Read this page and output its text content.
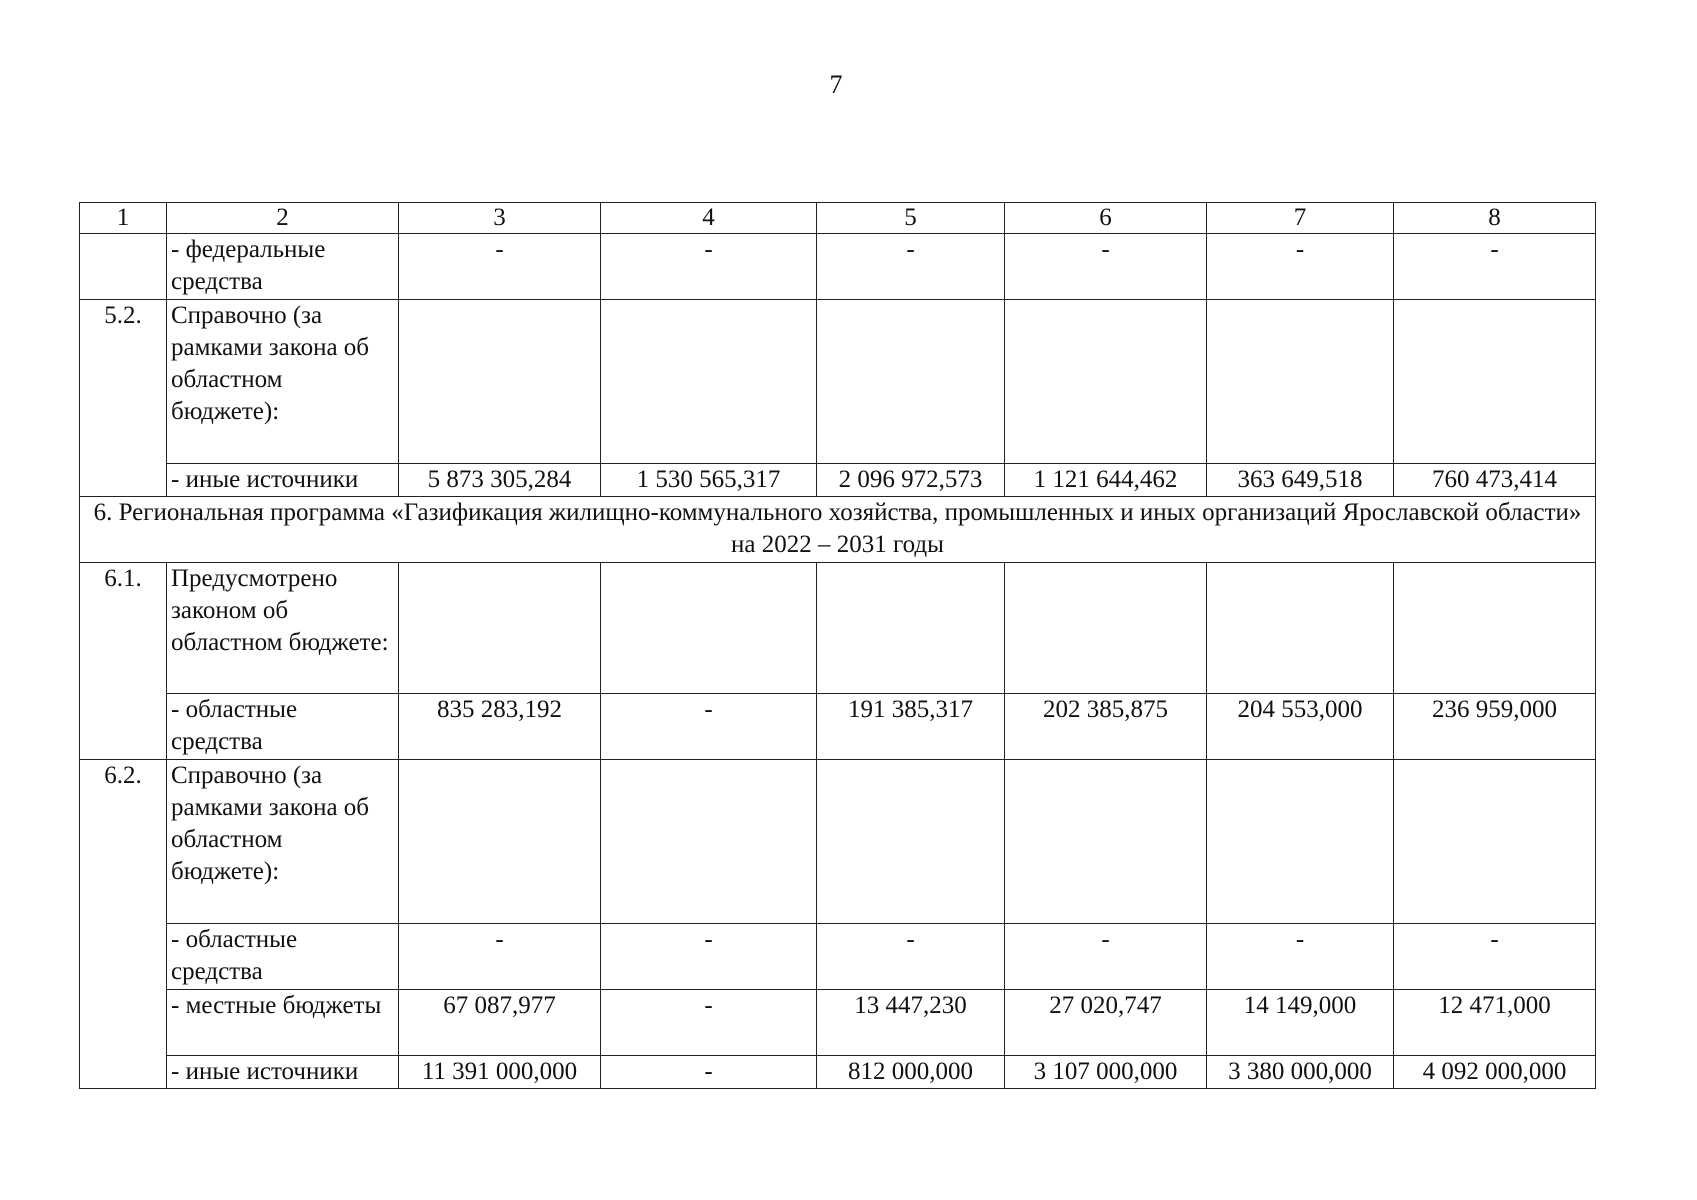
7
1	2	3	4	5	6	7	8
	- федеральные средства	-	-	-	-	-	-
5.2.	Справочно (за рамками закона об областном бюджете):						
	- иные источники	5 873 305,284	1 530 565,317	2 096 972,573	1 121 644,462	363 649,518	760 473,414
6. Региональная программа «Газификация жилищно-коммунального хозяйства, промышленных и иных организаций Ярославской области» на 2022 – 2031 годы							
6.1.	Предусмотрено законом об областном бюджете:						
	- областные средства	835 283,192	-	191 385,317	202 385,875	204 553,000	236 959,000
6.2.	Справочно (за рамками закона об областном бюджете):						
	- областные средства	-	-	-	-	-	-
	- местные бюджеты	67 087,977	-	13 447,230	27 020,747	14 149,000	12 471,000
	- иные источники	11 391 000,000	-	812 000,000	3 107 000,000	3 380 000,000	4 092 000,000
